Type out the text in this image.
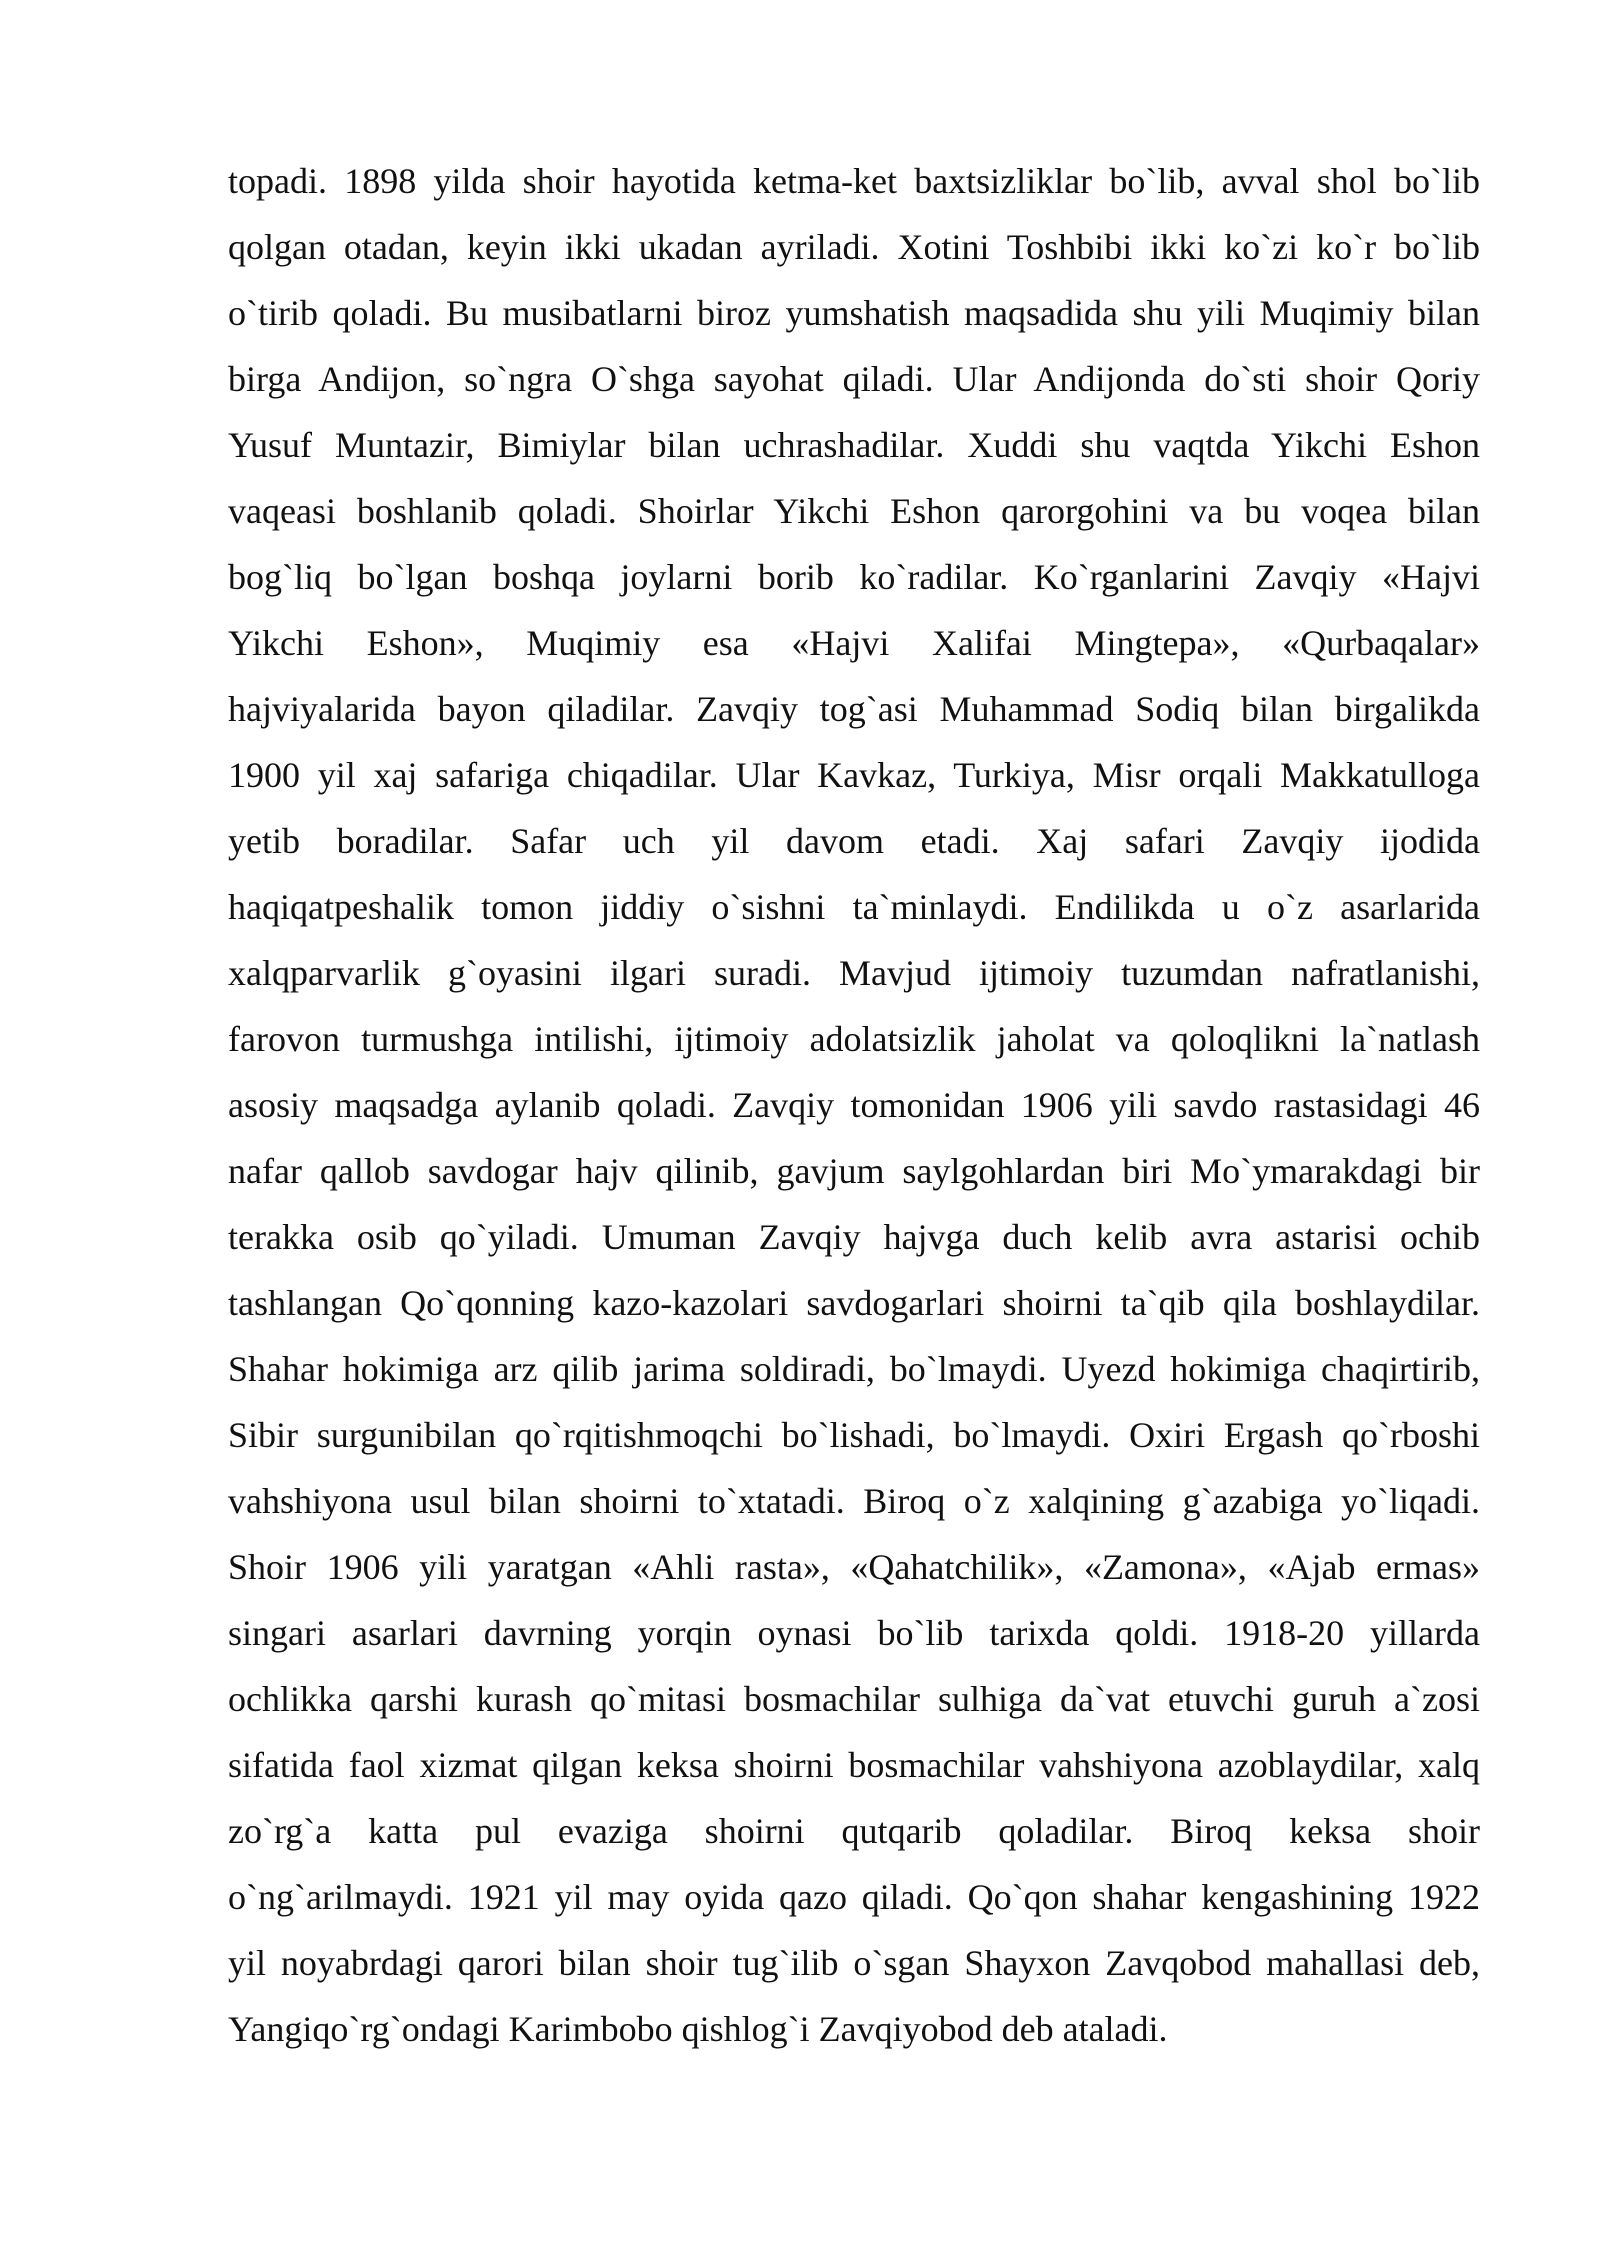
topadi. 1898 yilda shoir hayotida ketma-ket baxtsizliklar bo`lib, avval shol bo`lib
qolgan otadan, keyin ikki ukadan ayriladi. Xotini Toshbibi ikki ko`zi ko`r bo`lib
o`tirib qoladi. Bu musibatlarni biroz yumshatish maqsadida shu yili Muqimiy bilan
birga Andijon, so`ngra O`shga sayohat qiladi. Ular Andijonda do`sti shoir Qoriy
Yusuf Muntazir, Bimiylar bilan uchrashadilar. Xuddi shu vaqtda Yikchi Eshon
vaqeasi boshlanib qoladi. Shoirlar Yikchi Eshon qarorgohini va bu voqea bilan
bog`liq bo`lgan boshqa joylarni borib ko`radilar. Ko`rganlarini Zavqiy «Hajvi
Yikchi Eshon», Muqimiy esa «Hajvi Xalifai Mingtepa», «Qurbaqalar»
hajviyalarida bayon qiladilar. Zavqiy tog`asi Muhammad Sodiq bilan birgalikda
1900 yil xaj safariga chiqadilar. Ular Kavkaz, Turkiya, Misr orqali Makkatulloga
yetib boradilar. Safar uch yil davom etadi. Xaj safari Zavqiy ijodida
haqiqatpeshalik tomon jiddiy o`sishni ta`minlaydi. Endilikda u o`z asarlarida
xalqparvarlik g`oyasini ilgari suradi. Mavjud ijtimoiy tuzumdan nafratlanishi,
farovon turmushga intilishi, ijtimoiy adolatsizlik jaholat va qoloqlikni la`natlash
asosiy maqsadga aylanib qoladi. Zavqiy tomonidan 1906 yili savdo rastasidagi 46
nafar qallob savdogar hajv qilinib, gavjum saylgohlardan biri Mo`ymarakdagi bir
terakka osib qo`yiladi. Umuman Zavqiy hajvga duch kelib avra astarisi ochib
tashlangan Qo`qonning kazo-kazolari savdogarlari shoirni ta`qib qila boshlaydilar.
Shahar hokimiga arz qilib jarima soldiradi, bo`lmaydi. Uyezd hokimiga chaqirtirib,
Sibir surgunibilan qo`rqitishmoqchi bo`lishadi, bo`lmaydi. Oxiri Ergash qo`rboshi
vahshiyona usul bilan shoirni to`xtatadi. Biroq o`z xalqining g`azabiga yo`liqadi.
Shoir 1906 yili yaratgan «Ahli rasta», «Qahatchilik», «Zamona», «Ajab ermas»
singari asarlari davrning yorqin oynasi bo`lib tarixda qoldi. 1918-20 yillarda
ochlikka qarshi kurash qo`mitasi bosmachilar sulhiga da`vat etuvchi guruh a`zosi
sifatida faol xizmat qilgan keksa shoirni bosmachilar vahshiyona azoblaydilar, xalq
zo`rg`a katta pul evaziga shoirni qutqarib qoladilar. Biroq keksa shoir
o`ng`arilmaydi. 1921 yil may oyida qazo qiladi. Qo`qon shahar kengashining 1922
yil noyabrdagi qarori bilan shoir tug`ilib o`sgan Shayxon Zavqobod mahallasi deb,
Yangiqo`rg`ondagi Karimbobo qishlog`i Zavqiyobod deb ataladi.
